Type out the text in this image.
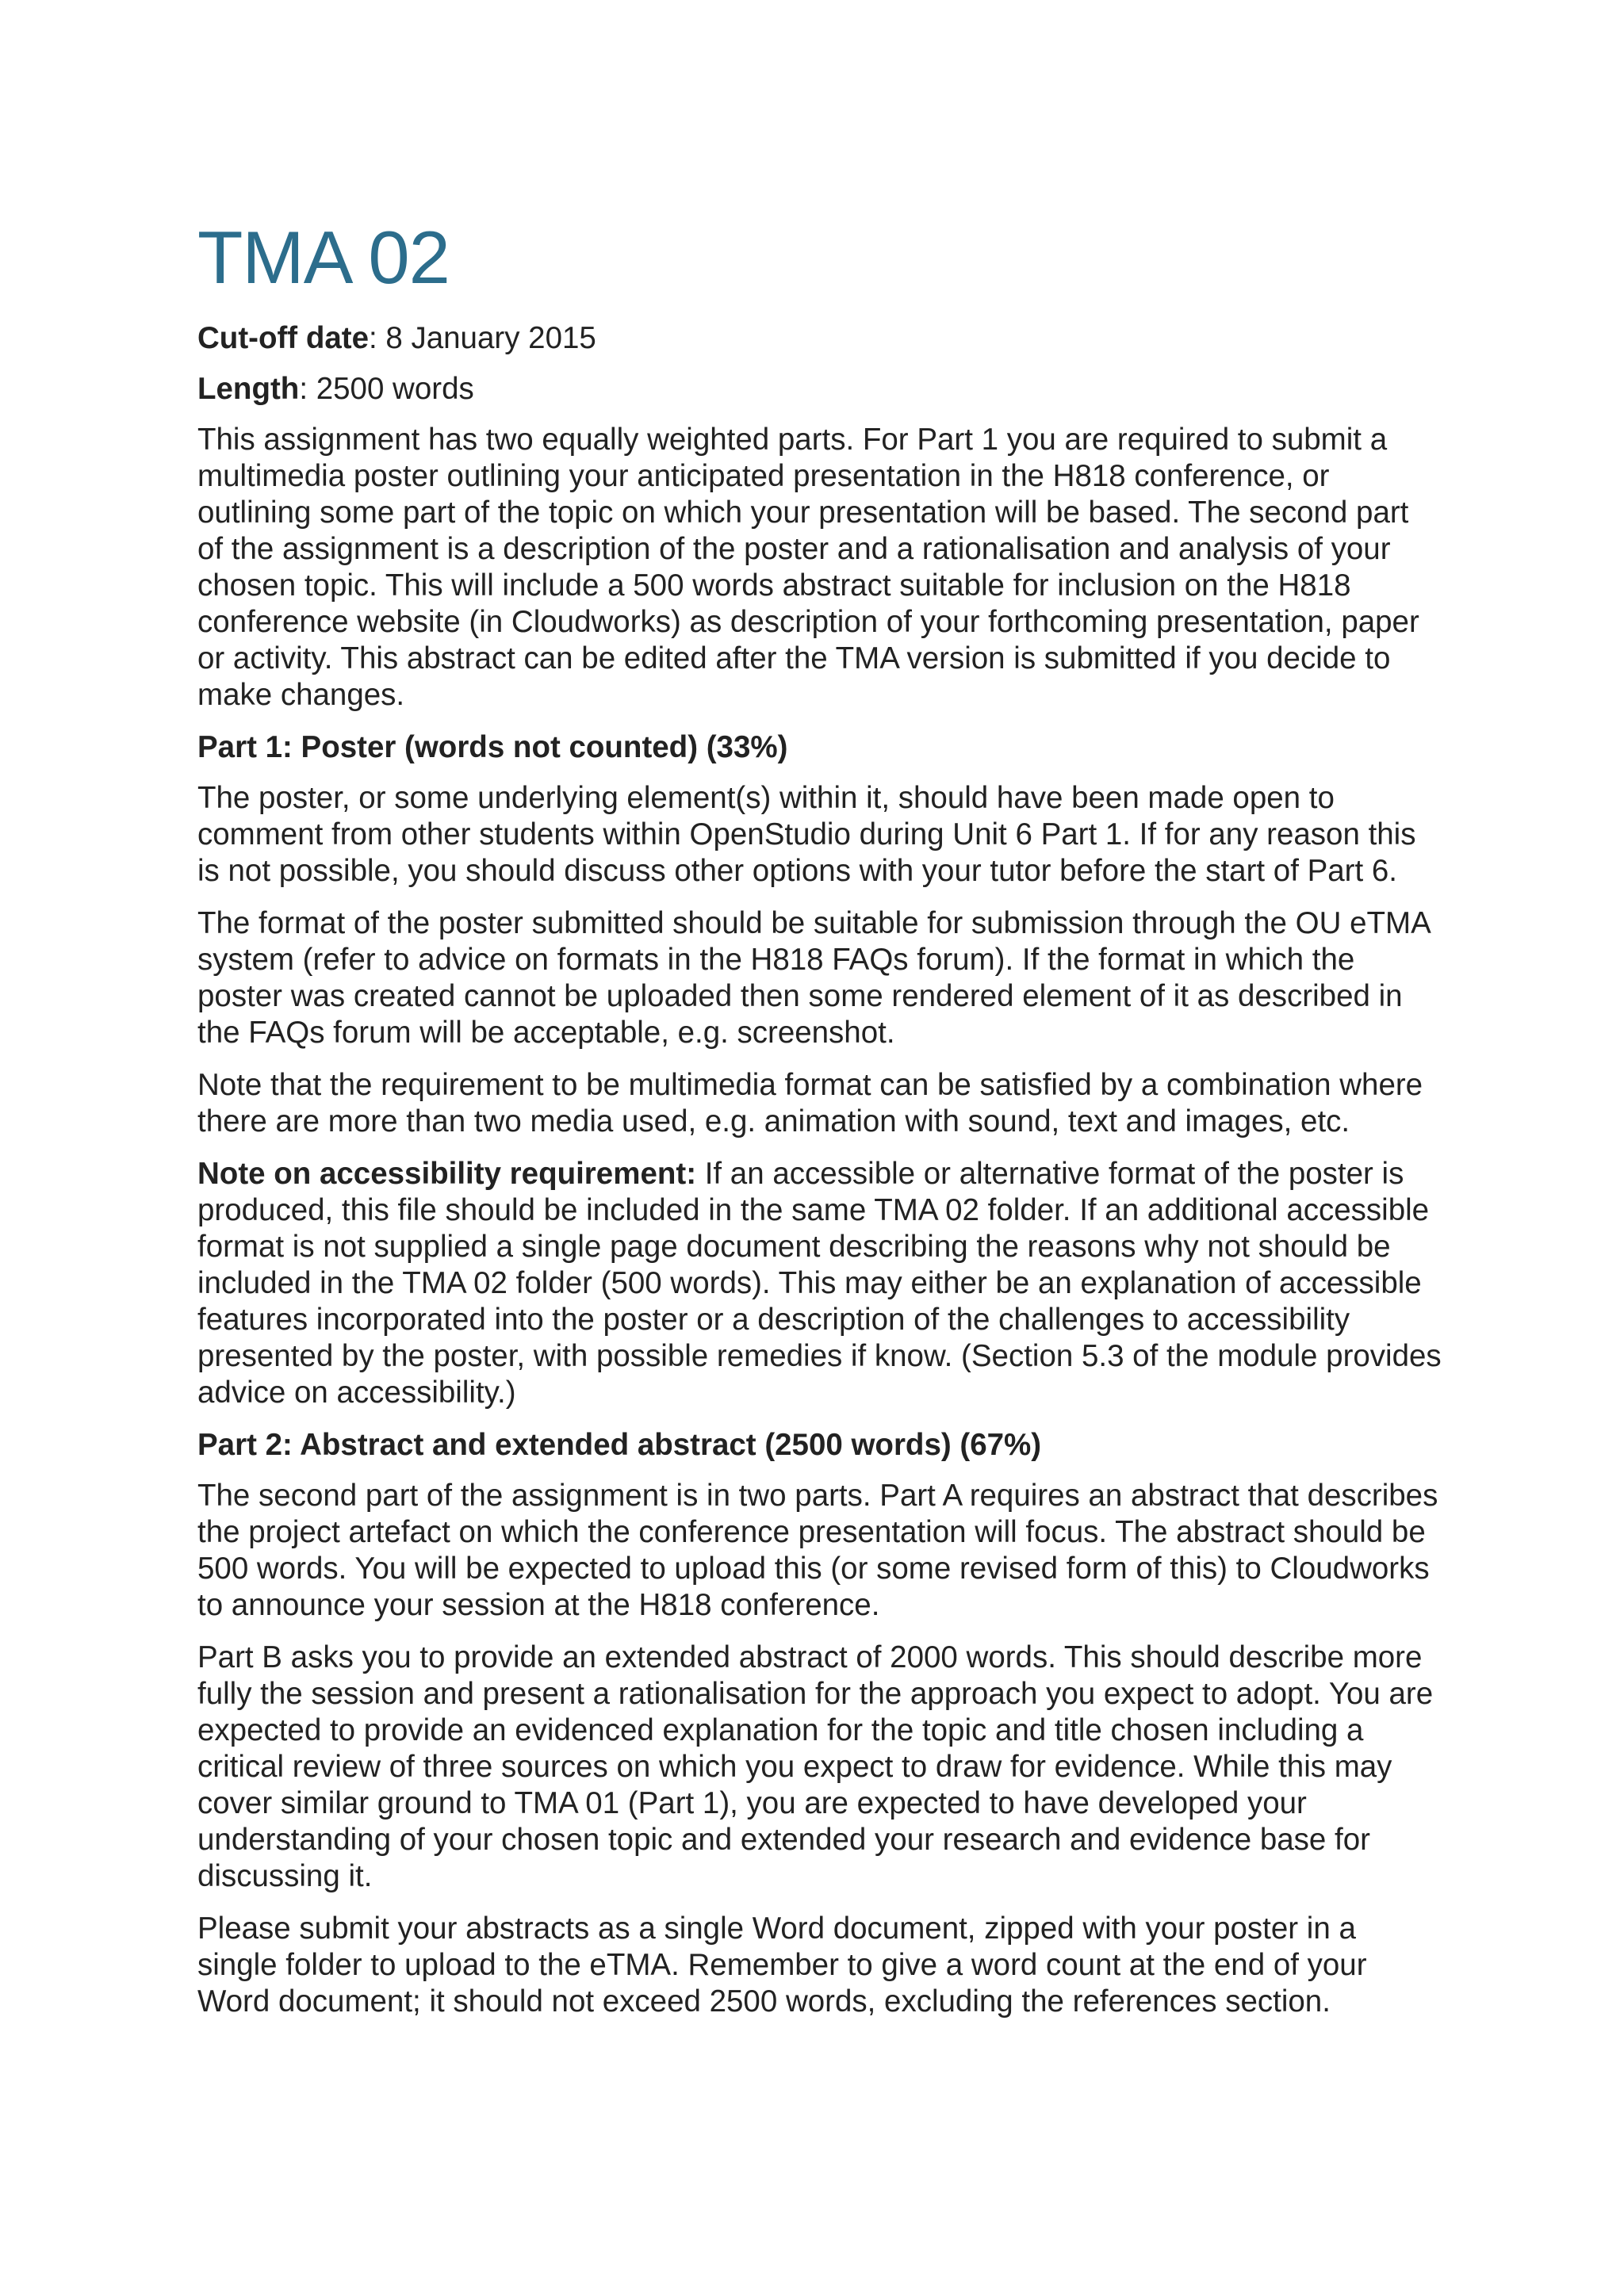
TMA 02

Cut-off date: 8 January 2015

Length: 2500 words

This assignment has two equally weighted parts. For Part 1 you are required to submit a multimedia poster outlining your anticipated presentation in the H818 conference, or outlining some part of the topic on which your presentation will be based. The second part of the assignment is a description of the poster and a rationalisation and analysis of your chosen topic. This will include a 500 words abstract suitable for inclusion on the H818 conference website (in Cloudworks) as description of your forthcoming presentation, paper or activity. This abstract can be edited after the TMA version is submitted if you decide to make changes.

Part 1: Poster (words not counted) (33%)

The poster, or some underlying element(s) within it, should have been made open to comment from other students within OpenStudio during Unit 6 Part 1. If for any reason this is not possible, you should discuss other options with your tutor before the start of Part 6.

The format of the poster submitted should be suitable for submission through the OU eTMA system (refer to advice on formats in the H818 FAQs forum). If the format in which the poster was created cannot be uploaded then some rendered element of it as described in the FAQs forum will be acceptable, e.g. screenshot.

Note that the requirement to be multimedia format can be satisfied by a combination where there are more than two media used, e.g. animation with sound, text and images, etc.

Note on accessibility requirement: If an accessible or alternative format of the poster is produced, this file should be included in the same TMA 02 folder. If an additional accessible format is not supplied a single page document describing the reasons why not should be included in the TMA 02 folder (500 words). This may either be an explanation of accessible features incorporated into the poster or a description of the challenges to accessibility presented by the poster, with possible remedies if know. (Section 5.3 of the module provides advice on accessibility.)

Part 2: Abstract and extended abstract (2500 words) (67%)

The second part of the assignment is in two parts. Part A requires an abstract that describes the project artefact on which the conference presentation will focus. The abstract should be 500 words. You will be expected to upload this (or some revised form of this) to Cloudworks to announce your session at the H818 conference.

Part B asks you to provide an extended abstract of 2000 words. This should describe more fully the session and present a rationalisation for the approach you expect to adopt. You are expected to provide an evidenced explanation for the topic and title chosen including a critical review of three sources on which you expect to draw for evidence. While this may cover similar ground to TMA 01 (Part 1), you are expected to have developed your understanding of your chosen topic and extended your research and evidence base for discussing it.

Please submit your abstracts as a single Word document, zipped with your poster in a single folder to upload to the eTMA. Remember to give a word count at the end of your Word document; it should not exceed 2500 words, excluding the references section.
